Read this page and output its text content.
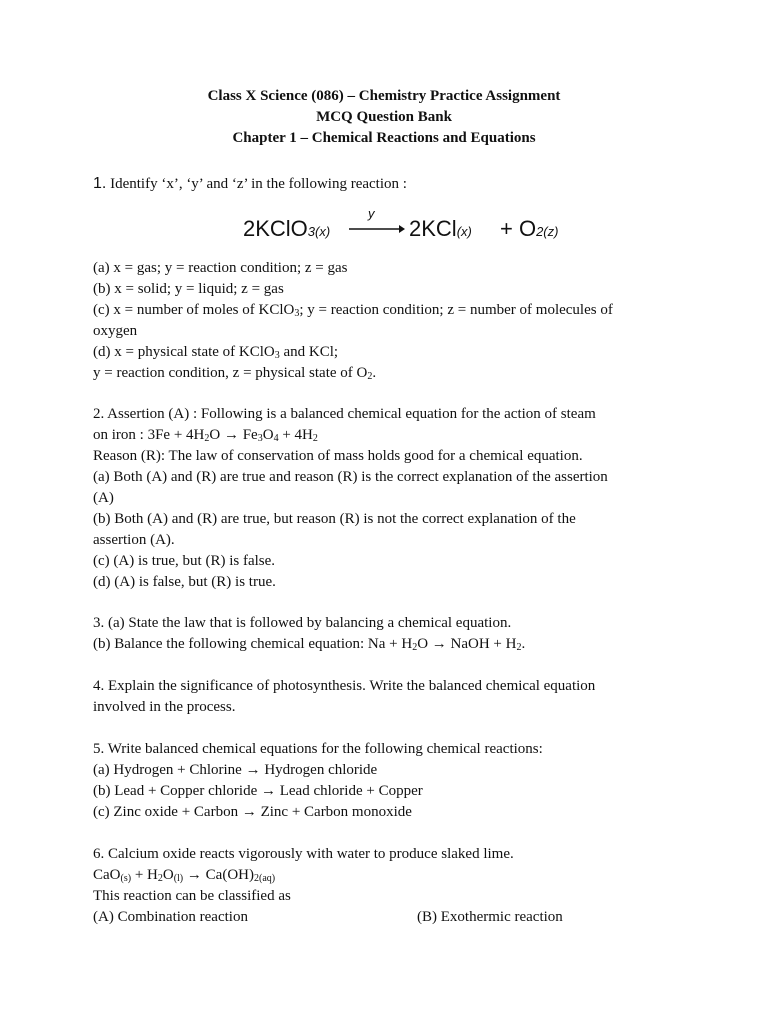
Class X Science (086) – Chemistry Practice Assignment
MCQ Question Bank
Chapter 1 – Chemical Reactions and Equations
1. Identify ‘x’, ‘y’ and ‘z’ in the following reaction :
2KClO3(x)
y
→ 2KCl(x) + O2(z)
(a) x = gas; y = reaction condition; z = gas
(b) x = solid; y = liquid; z = gas
(c) x = number of moles of KClO$_3$; y = reaction condition; z = number of molecules of
oxygen
(d) x = physical state of KClO$_3$ and KCl;
y = reaction condition, z = physical state of $O_2$.
2. Assertion (A) : Following is a balanced chemical equation for the action of steam
on iron : $3Fe + 4H_2O \to Fe_3O_4 + 4H_2$
Reason (R): The law of conservation of mass holds good for a chemical equation.
(a) Both (A) and (R) are true and reason (R) is the correct explanation of the assertion
(A)
(b) Both (A) and (R) are true, but reason (R) is not the correct explanation of the
assertion (A).
(c) (A) is true, but (R) is false.
(d) (A) is false, but (R) is true.
3. (a) State the law that is followed by balancing a chemical equation.
(b) Balance the following chemical equation: $Na + H_2O$ → NaOH + $H_2$.
4. Explain the significance of photosynthesis. Write the balanced chemical equation
involved in the process.
5. Write balanced chemical equations for the following chemical reactions:
(a) Hydrogen + Chlorine → Hydrogen chloride
(b) Lead + Copper chloride → Lead chloride + Copper
(c) Zinc oxide + Carbon → Zinc + Carbon monoxide
6. Calcium oxide reacts vigorously with water to produce slaked lime.
$CaO_{(s)} + H_2O_{(l)} \to Ca(OH)_{2(aq)}$
This reaction can be classified as
(A) Combination reaction	(B) Exothermic reaction
